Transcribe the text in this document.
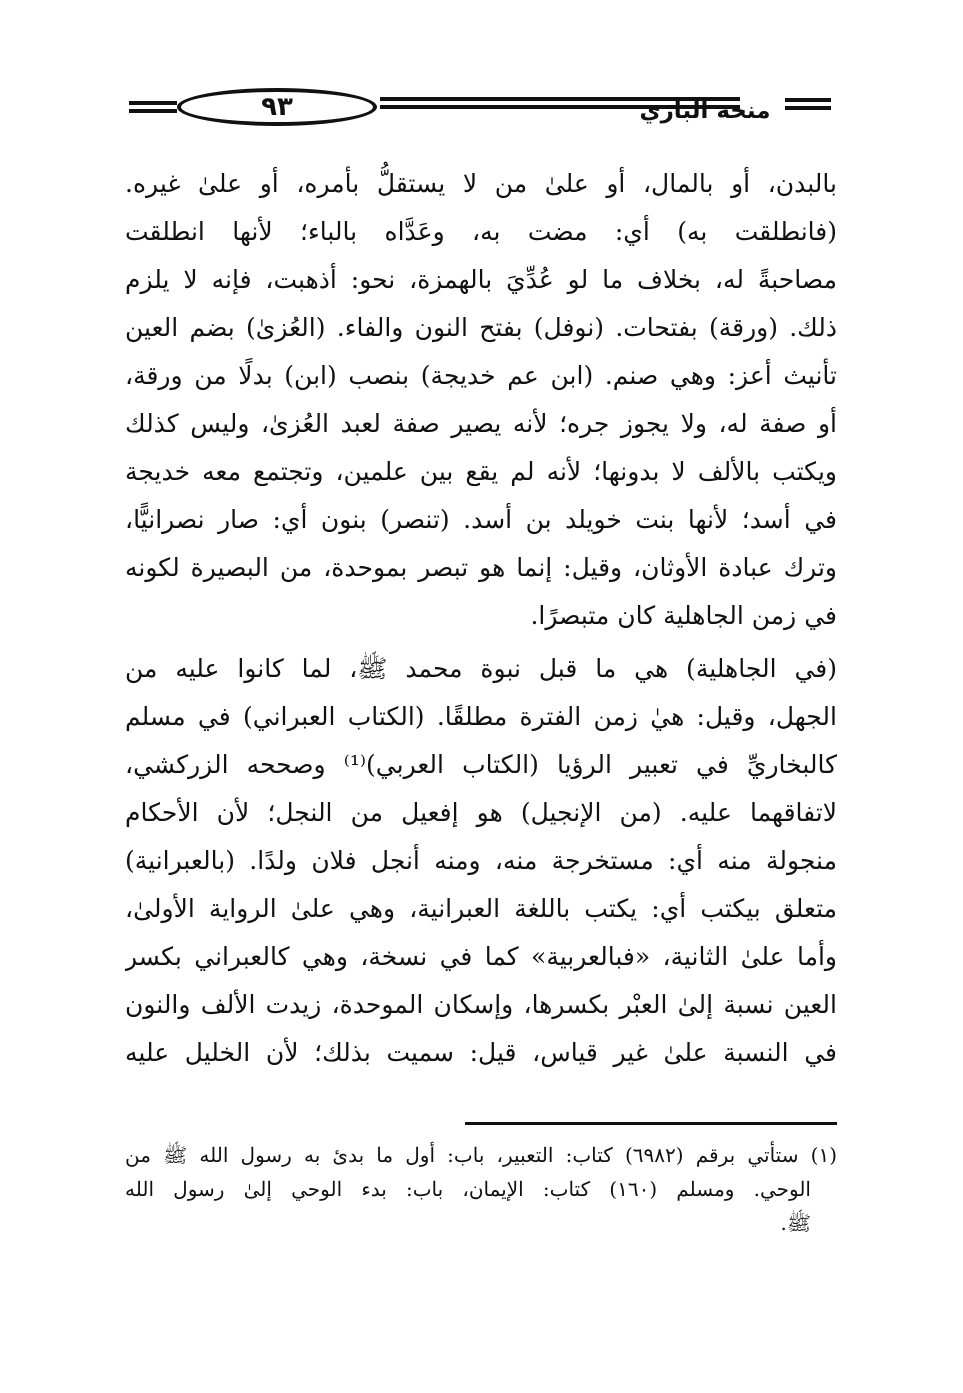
٩٣	منحة الباري
بالبدن، أو بالمال، أو علىٰ من لا يستقلُّ بأمره، أو علىٰ غيره.
(فانطلقت به) أي: مضت به، وعَدَّاه بالباء؛ لأنها انطلقت
مصاحبةً له، بخلاف ما لو عُدِّيَ بالهمزة، نحو: أذهبت، فإنه لا يلزم
ذلك. (ورقة) بفتحات. (نوفل) بفتح النون والفاء. (العُزىٰ) بضم العين
تأنيث أعز: وهي صنم. (ابن عم خديجة) بنصب (ابن) بدلًا من ورقة،
أو صفة له، ولا يجوز جره؛ لأنه يصير صفة لعبد العُزىٰ، وليس كذلك
ويكتب بالألف لا بدونها؛ لأنه لم يقع بين علمين، وتجتمع معه خديجة
في أسد؛ لأنها بنت خويلد بن أسد. (تنصر) بنون أي: صار نصرانيًّا،
وترك عبادة الأوثان، وقيل: إنما هو تبصر بموحدة، من البصيرة لكونه
في زمن الجاهلية كان متبصرًا.
(في الجاهلية) هي ما قبل نبوة محمد ﷺ، لما كانوا عليه من
الجهل، وقيل: هيٰ زمن الفترة مطلقًا. (الكتاب العبراني) في مسلم
كالبخاريِّ في تعبير الرؤيا (الكتاب العربي)⁽¹⁾ وصححه الزركشي،
لاتفاقهما عليه. (من الإنجيل) هو إفعيل من النجل؛ لأن الأحكام
منجولة منه أي: مستخرجة منه، ومنه أنجل فلان ولدًا. (بالعبرانية)
متعلق بيكتب أي: يكتب باللغة العبرانية، وهي علىٰ الرواية الأولىٰ،
وأما علىٰ الثانية، «فبالعربية» كما في نسخة، وهي كالعبراني بكسر
العين نسبة إلىٰ العبْر بكسرها، وإسكان الموحدة، زيدت الألف والنون
في النسبة علىٰ غير قياس، قيل: سميت بذلك؛ لأن الخليل عليه
(١) ستأتي برقم (٦٩٨٢) كتاب: التعبير، باب: أول ما بدئ به رسول الله ﷺ من
الوحي. ومسلم (١٦٠) كتاب: الإيمان، باب: بدء الوحي إلىٰ رسول الله
ﷺ.
